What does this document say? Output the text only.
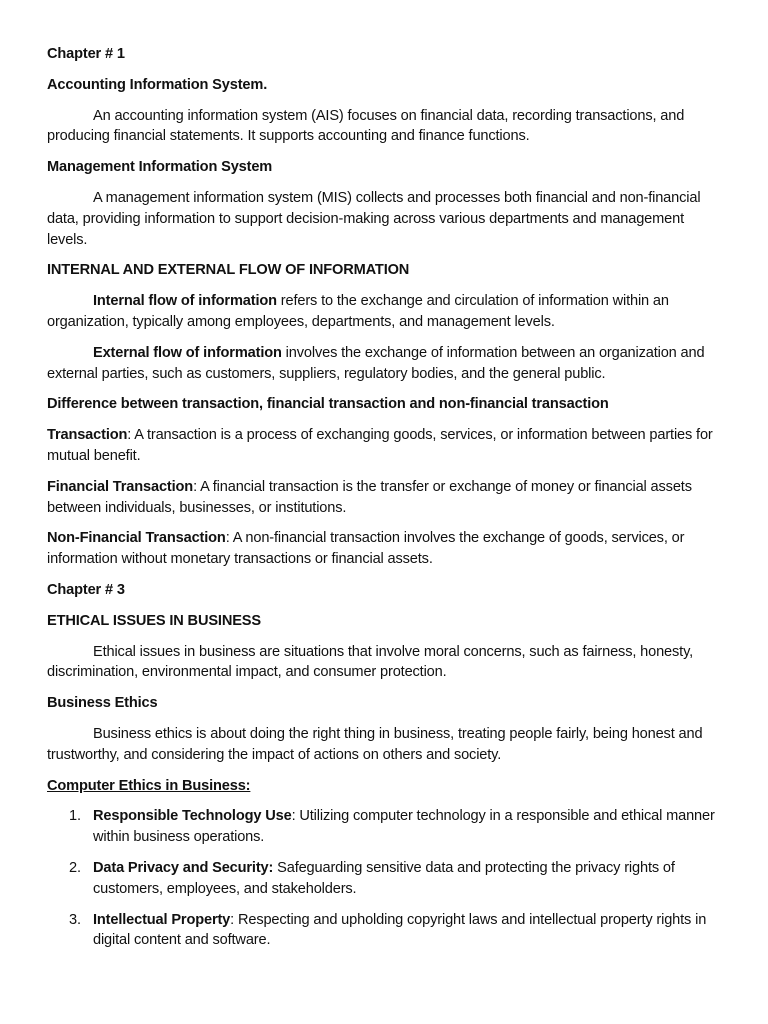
Chapter # 1
Accounting Information System.
An accounting information system (AIS) focuses on financial data, recording transactions, and producing financial statements. It supports accounting and finance functions.
Management Information System
A management information system (MIS) collects and processes both financial and non-financial data, providing information to support decision-making across various departments and management levels.
INTERNAL AND EXTERNAL FLOW OF INFORMATION
Internal flow of information refers to the exchange and circulation of information within an organization, typically among employees, departments, and management levels.
External flow of information involves the exchange of information between an organization and external parties, such as customers, suppliers, regulatory bodies, and the general public.
Difference between transaction, financial transaction and non-financial transaction
Transaction: A transaction is a process of exchanging goods, services, or information between parties for mutual benefit.
Financial Transaction: A financial transaction is the transfer or exchange of money or financial assets between individuals, businesses, or institutions.
Non-Financial Transaction: A non-financial transaction involves the exchange of goods, services, or information without monetary transactions or financial assets.
Chapter # 3
ETHICAL ISSUES IN BUSINESS
Ethical issues in business are situations that involve moral concerns, such as fairness, honesty, discrimination, environmental impact, and consumer protection.
Business Ethics
Business ethics is about doing the right thing in business, treating people fairly, being honest and trustworthy, and considering the impact of actions on others and society.
Computer Ethics in Business:
1. Responsible Technology Use: Utilizing computer technology in a responsible and ethical manner within business operations.
2. Data Privacy and Security: Safeguarding sensitive data and protecting the privacy rights of customers, employees, and stakeholders.
3. Intellectual Property: Respecting and upholding copyright laws and intellectual property rights in digital content and software.
